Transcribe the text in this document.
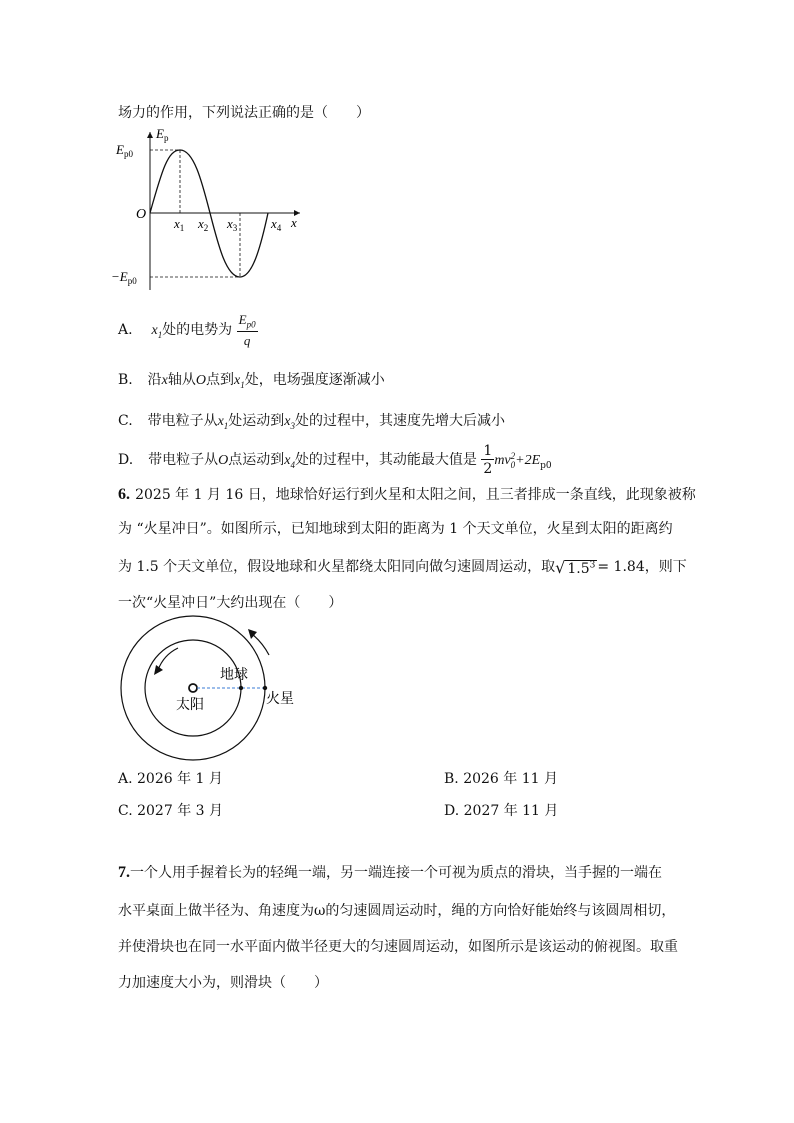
场力的作用，下列说法正确的是（　　）
$E_p$
$E_{p0}$
O
$-E_{p0}$
$x_1$ $x_2$ $x_3$	$x_4$ x
A. $x_1$处的电势为 $\frac{E_{p0}}{q}$
B. 沿x轴从O点到$x_1$处，电场强度逐渐减小
C. 带电粒子从$x_1$处运动到$x_3$处的过程中，其速度先增大后减小
D. 带电粒子从O点运动到$x_4$处的过程中，其动能最大值是 $\frac{1}{2}$ mv 2
$0 +2E_{p0}$
6. 2025 年 1 月 16 日，地球恰好运行到火星和太阳之间，且三者排成一条直线，此现象被称
为 “火星冲日”。如图所示，已知地球到太阳的距离为 1 个天文单位，火星到太阳的距离约
为 1.5 个天文单位，假设地球和火星都绕太阳同向做匀速圆周运动，取√ $1.5^3 = 1.84$，则下
一次“火星冲日”大约出现在（　　）
地球
太阳	火星
A. 2026 年 1 月	B. 2026 年 11 月
C. 2027 年 3 月	D. 2027 年 11 月
7.一个人用手握着长为的轻绳一端，另一端连接一个可视为质点的滑块，当手握的一端在
水平桌面上做半径为、角速度为ω的匀速圆周运动时，绳的方向恰好能始终与该圆周相切，
并使滑块也在同一水平面内做半径更大的匀速圆周运动，如图所示是该运动的俯视图。取重
力加速度大小为，则滑块（　　）
